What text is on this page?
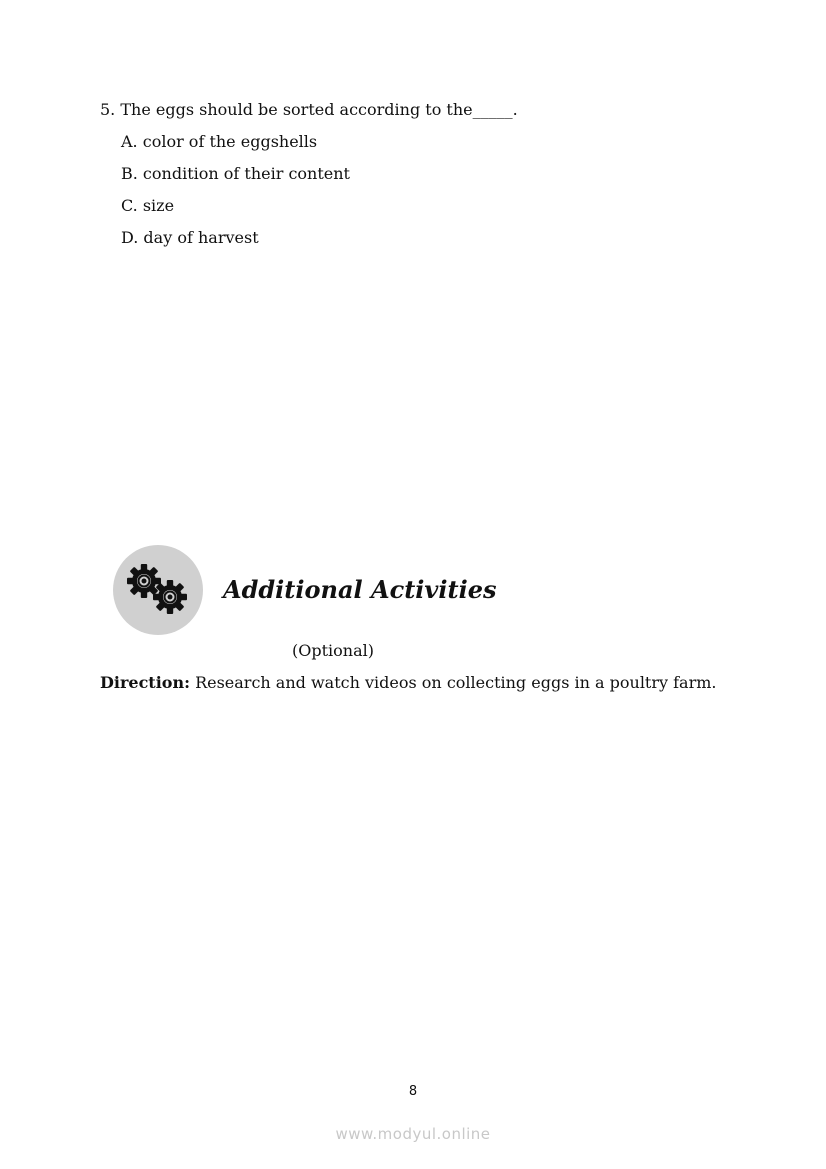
5. The eggs should be sorted according to the_____.
A. color of the eggshells
B. condition of their content
C. size
D. day of harvest
Additional Activities
(Optional)
Direction: Research and watch videos on collecting eggs in a poultry farm.
8
www.modyul.online
